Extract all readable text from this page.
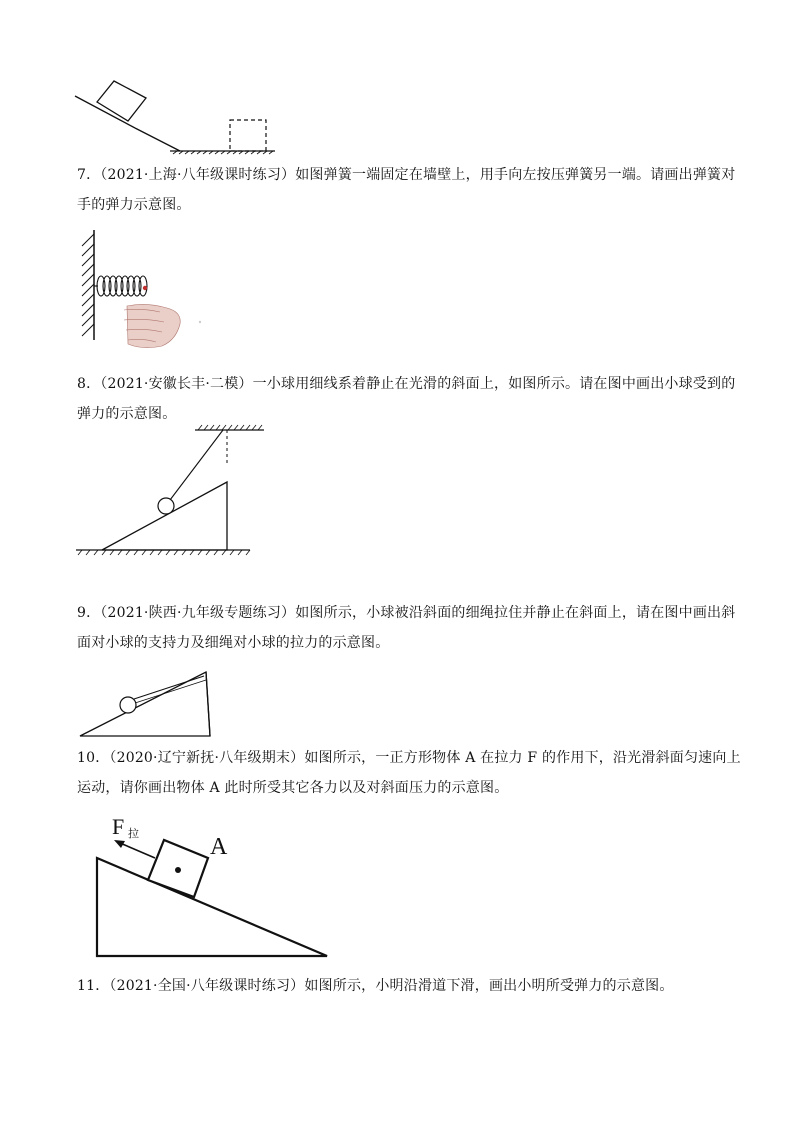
7．（2021·上海·八年级课时练习）如图弹簧一端固定在墙壁上，用手向左按压弹簧另一端。请画出弹簧对
手的弹力示意图。
8．（2021·安徽长丰·二模）一小球用细线系着静止在光滑的斜面上，如图所示。请在图中画出小球受到的
弹力的示意图。
9．（2021·陕西·九年级专题练习）如图所示，小球被沿斜面的细绳拉住并静止在斜面上，请在图中画出斜
面对小球的支持力及细绳对小球的拉力的示意图。
10．（2020·辽宁新抚·八年级期末）如图所示，一正方形物体 A 在拉力 F 的作用下，沿光滑斜面匀速向上
运动，请你画出物体 A 此时所受其它各力以及对斜面压力的示意图。
F 拉	A
11．（2021·全国·八年级课时练习）如图所示，小明沿滑道下滑，画出小明所受弹力的示意图。
